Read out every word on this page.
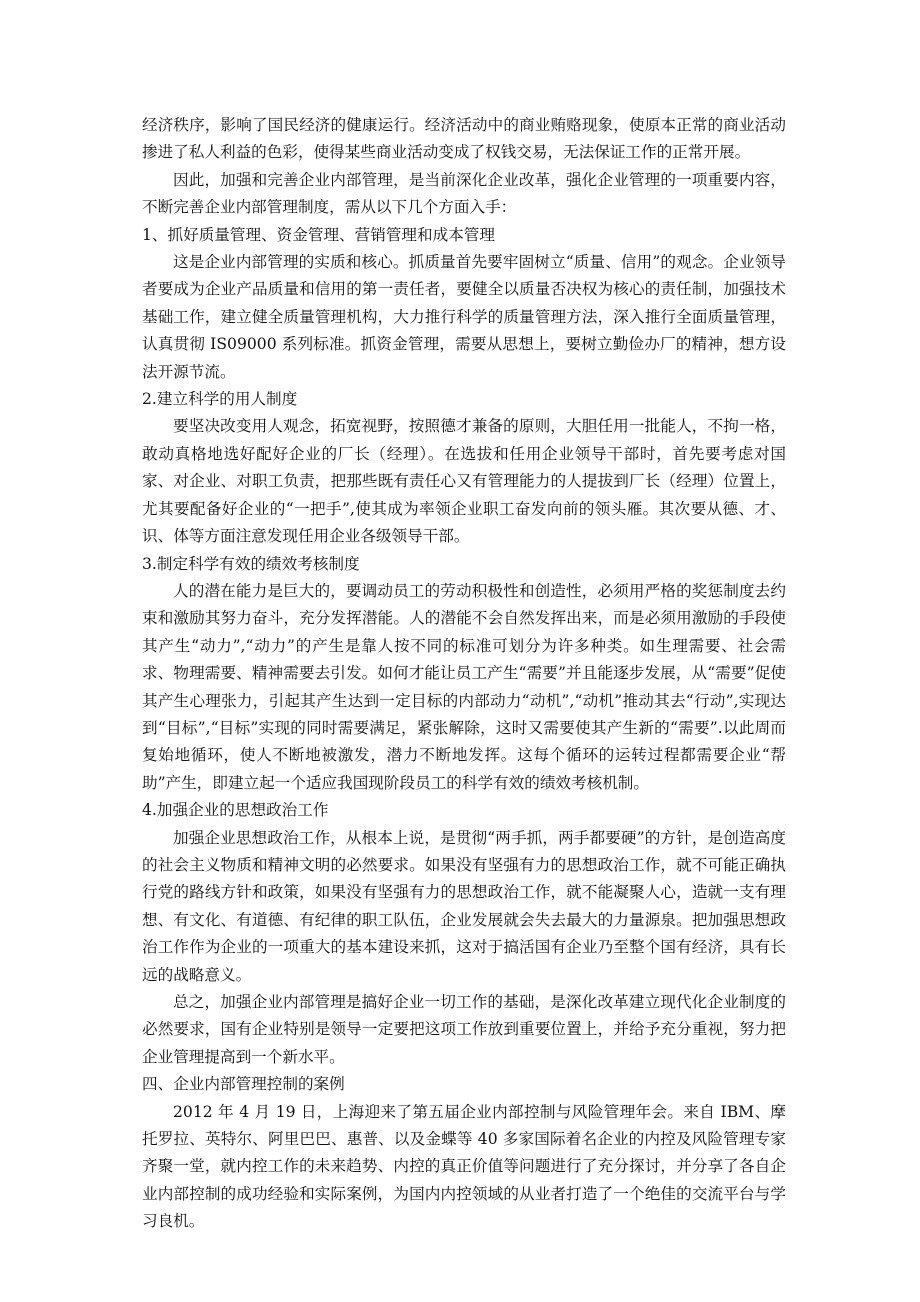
经济秩序，影响了国民经济的健康运行。经济活动中的商业贿赂现象，使原本正常的商业活动掺进了私人利益的色彩，使得某些商业活动变成了权钱交易，无法保证工作的正常开展。

因此，加强和完善企业内部管理，是当前深化企业改革，强化企业管理的一项重要内容，不断完善企业内部管理制度，需从以下几个方面入手：

1、抓好质量管理、资金管理、营销管理和成本管理

这是企业内部管理的实质和核心。抓质量首先要牢固树立“质量、信用”的观念。企业领导者要成为企业产品质量和信用的第一责任者，要健全以质量否决权为核心的责任制，加强技术基础工作，建立健全质量管理机构，大力推行科学的质量管理方法，深入推行全面质量管理，认真贯彻 IS09000 系列标准。抓资金管理，需要从思想上，要树立勤俭办厂的精神，想方设法开源节流。

2.建立科学的用人制度

要坚决改变用人观念，拓宽视野，按照德才兼备的原则，大胆任用一批能人，不拘一格，敢动真格地选好配好企业的厂长（经理）。在选拔和任用企业领导干部时，首先要考虑对国家、对企业、对职工负责，把那些既有责任心又有管理能力的人提拔到厂长（经理）位置上，尤其要配备好企业的“一把手”,使其成为率领企业职工奋发向前的领头雁。其次要从德、才、识、体等方面注意发现任用企业各级领导干部。

3.制定科学有效的绩效考核制度

人的潜在能力是巨大的，要调动员工的劳动积极性和创造性，必须用严格的奖惩制度去约束和激励其努力奋斗，充分发挥潜能。人的潜能不会自然发挥出来，而是必须用激励的手段使其产生“动力”,“动力”的产生是靠人按不同的标准可划分为许多种类。如生理需要、社会需求、物理需要、精神需要去引发。如何才能让员工产生“需要”并且能逐步发展，从“需要”促使其产生心理张力，引起其产生达到一定目标的内部动力“动机”,“动机”推动其去“行动”,实现达到“目标”,“目标”实现的同时需要满足，紧张解除，这时又需要使其产生新的“需要”.以此周而复始地循环，使人不断地被激发，潜力不断地发挥。这每个循环的运转过程都需要企业“帮助”产生，即建立起一个适应我国现阶段员工的科学有效的绩效考核机制。

4.加强企业的思想政治工作

加强企业思想政治工作，从根本上说，是贯彻“两手抓，两手都要硬”的方针，是创造高度的社会主义物质和精神文明的必然要求。如果没有坚强有力的思想政治工作，就不可能正确执行党的路线方针和政策，如果没有坚强有力的思想政治工作，就不能凝聚人心，造就一支有理想、有文化、有道德、有纪律的职工队伍，企业发展就会失去最大的力量源泉。把加强思想政治工作作为企业的一项重大的基本建设来抓，这对于搞活国有企业乃至整个国有经济，具有长远的战略意义。

总之，加强企业内部管理是搞好企业一切工作的基础，是深化改革建立现代化企业制度的必然要求，国有企业特别是领导一定要把这项工作放到重要位置上，并给予充分重视，努力把企业管理提高到一个新水平。

四、企业内部管理控制的案例

2012 年 4 月 19 日，上海迎来了第五届企业内部控制与风险管理年会。来自 IBM、摩托罗拉、英特尔、阿里巴巴、惠普、以及金蝶等 40 多家国际着名企业的内控及风险管理专家齐聚一堂，就内控工作的未来趋势、内控的真正价值等问题进行了充分探讨，并分享了各自企业内部控制的成功经验和实际案例，为国内内控领域的从业者打造了一个绝佳的交流平台与学习良机。
